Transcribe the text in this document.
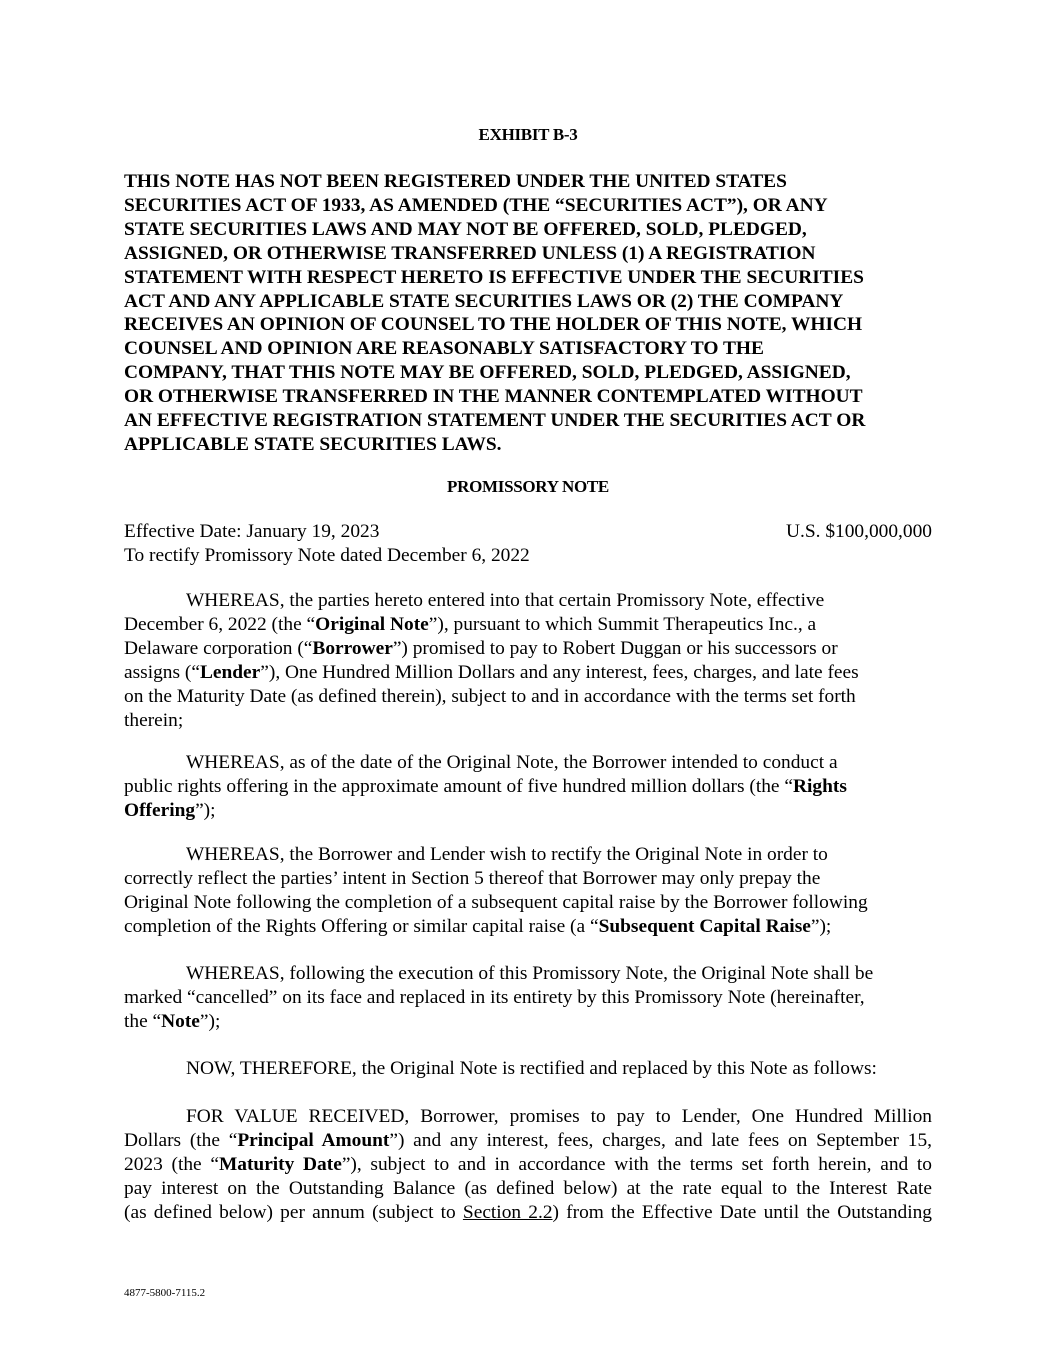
EXHIBIT B-3
THIS NOTE HAS NOT BEEN REGISTERED UNDER THE UNITED STATES
SECURITIES ACT OF 1933, AS AMENDED (THE “SECURITIES ACT”), OR ANY
STATE SECURITIES LAWS AND MAY NOT BE OFFERED, SOLD, PLEDGED,
ASSIGNED, OR OTHERWISE TRANSFERRED UNLESS (1) A REGISTRATION
STATEMENT WITH RESPECT HERETO IS EFFECTIVE UNDER THE SECURITIES
ACT AND ANY APPLICABLE STATE SECURITIES LAWS OR (2) THE COMPANY
RECEIVES AN OPINION OF COUNSEL TO THE HOLDER OF THIS NOTE, WHICH
COUNSEL AND OPINION ARE REASONABLY SATISFACTORY TO THE
COMPANY, THAT THIS NOTE MAY BE OFFERED, SOLD, PLEDGED, ASSIGNED,
OR OTHERWISE TRANSFERRED IN THE MANNER CONTEMPLATED WITHOUT
AN EFFECTIVE REGISTRATION STATEMENT UNDER THE SECURITIES ACT OR
APPLICABLE STATE SECURITIES LAWS.
PROMISSORY NOTE
Effective Date: January 19, 2023	U.S. $100,000,000
To rectify Promissory Note dated December 6, 2022
WHEREAS, the parties hereto entered into that certain Promissory Note, effective
December 6, 2022 (the “Original Note”), pursuant to which Summit Therapeutics Inc., a
Delaware corporation (“Borrower”) promised to pay to Robert Duggan or his successors or
assigns (“Lender”), One Hundred Million Dollars and any interest, fees, charges, and late fees
on the Maturity Date (as defined therein), subject to and in accordance with the terms set forth
therein;
WHEREAS, as of the date of the Original Note, the Borrower intended to conduct a
public rights offering in the approximate amount of five hundred million dollars (the “Rights
Offering”);
WHEREAS, the Borrower and Lender wish to rectify the Original Note in order to
correctly reflect the parties’ intent in Section 5 thereof that Borrower may only prepay the
Original Note following the completion of a subsequent capital raise by the Borrower following
completion of the Rights Offering or similar capital raise (a “Subsequent Capital Raise”);
WHEREAS, following the execution of this Promissory Note, the Original Note shall be
marked “cancelled” on its face and replaced in its entirety by this Promissory Note (hereinafter,
the “Note”);
NOW, THEREFORE, the Original Note is rectified and replaced by this Note as follows:
FOR VALUE RECEIVED, Borrower, promises to pay to Lender, One Hundred Million
Dollars (the “Principal Amount”) and any interest, fees, charges, and late fees on September 15,
2023 (the “Maturity Date”), subject to and in accordance with the terms set forth herein, and to
pay interest on the Outstanding Balance (as defined below) at the rate equal to the Interest Rate
(as defined below) per annum (subject to Section 2.2) from the Effective Date until the Outstanding
4877-5800-7115.2
